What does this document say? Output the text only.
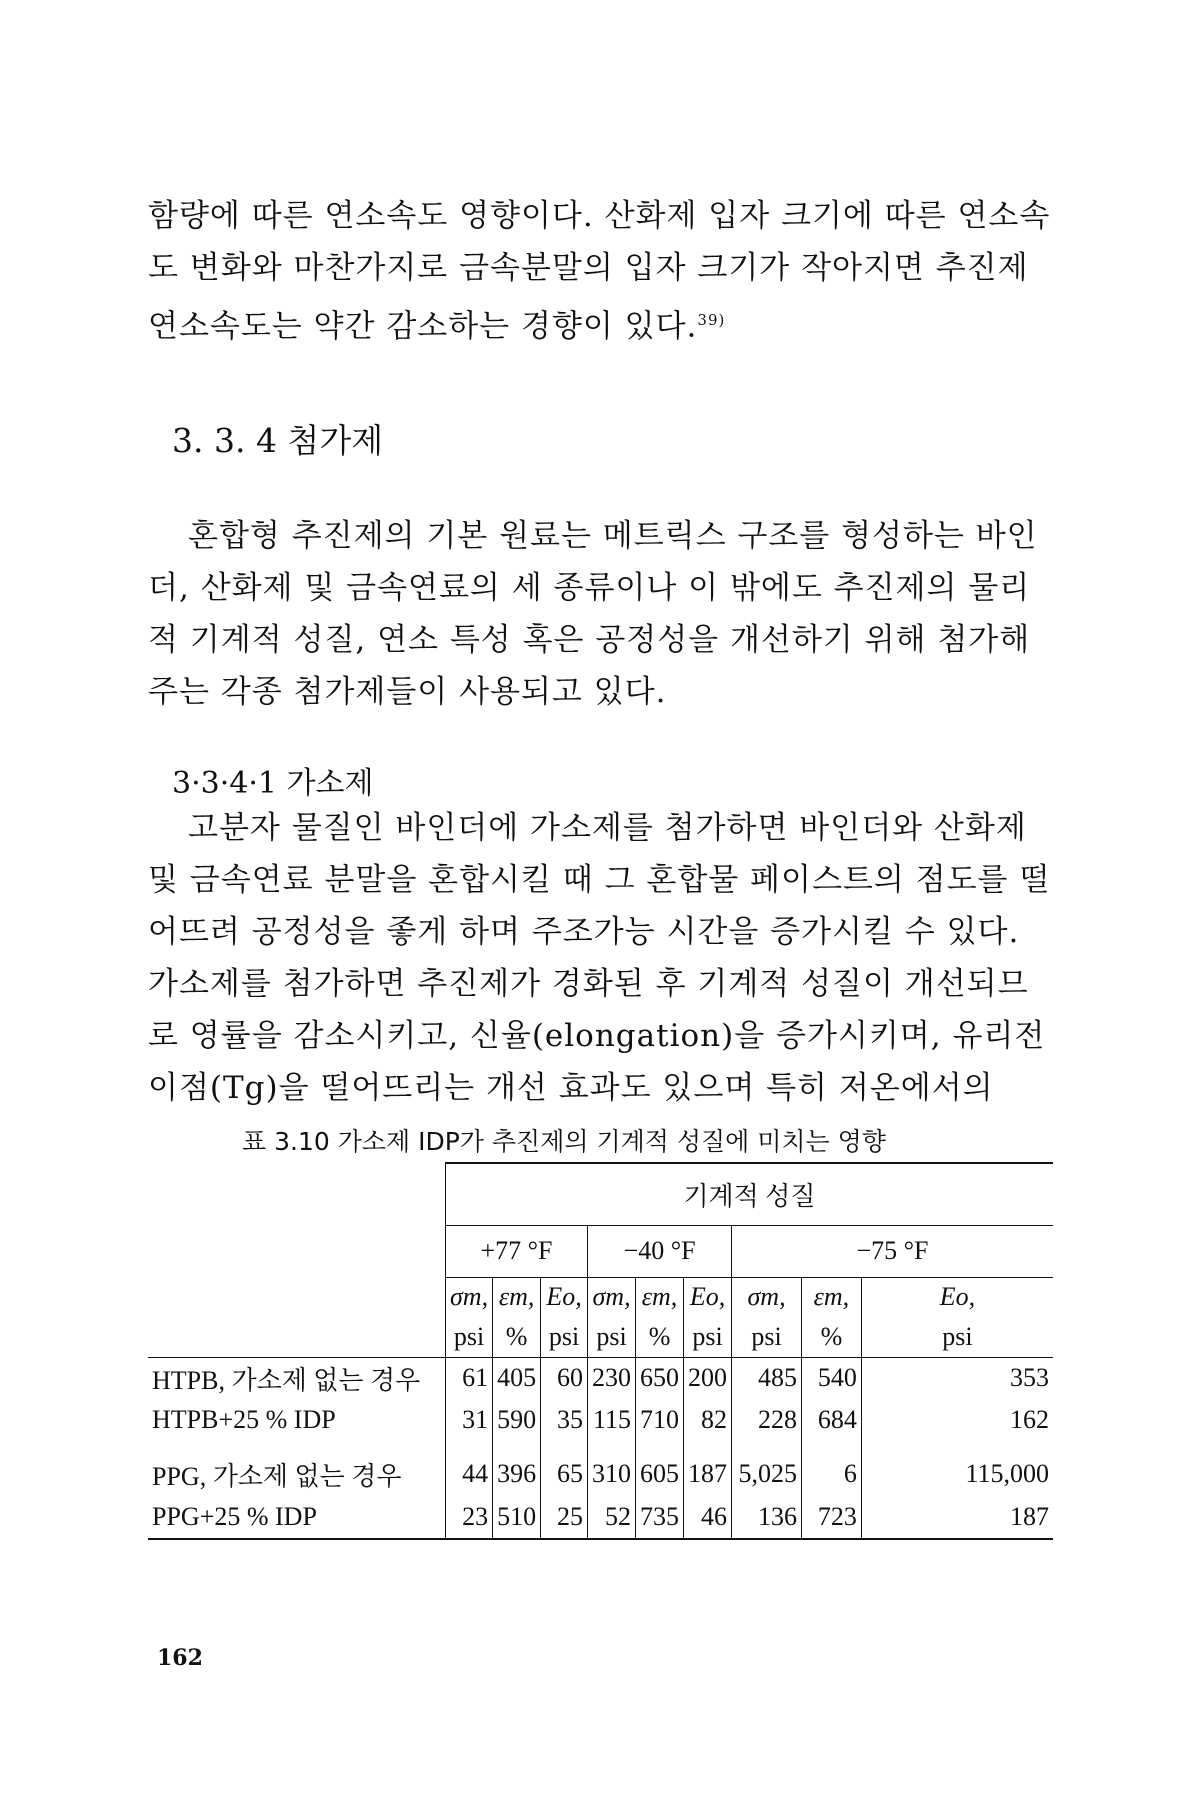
함량에 따른 연소속도 영향이다. 산화제 입자 크기에 따른 연소속도 변화와 마찬가지로 금속분말의 입자 크기가 작아지면 추진제 연소속도는 약간 감소하는 경향이 있다.$^{39)}$
3. 3. 4 첨가제
혼합형 추진제의 기본 원료는 메트릭스 구조를 형성하는 바인더, 산화제 및 금속연료의 세 종류이나 이 밖에도 추진제의 물리적 기계적 성질, 연소 특성 혹은 공정성을 개선하기 위해 첨가해주는 각종 첨가제들이 사용되고 있다.
3·3·4·1 가소제
고분자 물질인 바인더에 가소제를 첨가하면 바인더와 산화제 및 금속연료 분말을 혼합시킬 때 그 혼합물 페이스트의 점도를 떨어뜨려 공정성을 좋게 하며 주조가능 시간을 증가시킬 수 있다. 가소제를 첨가하면 추진제가 경화된 후 기계적 성질이 개선되므로 영률을 감소시키고, 신율(elongation)을 증가시키며, 유리전이점(Tg)을 떨어뜨리는 개선 효과도 있으며 특히 저온에서의
표 3.10 가소제 IDP가 추진제의 기계적 성질에 미치는 영향
	기계적 성질								
	+77 °F			−40 °F			−75 °F		
	σm,	εm,	Eo,	σm,	εm,	Eo,	σm,	εm,	Eo,
	psi	%	psi	psi	%	psi	psi	%	psi
HTPB, 가소제 없는 경우	61	405	60	230	650	200	485	540	353
HTPB+25 % IDP	31	590	35	115	710	82	228	684	162

PPG, 가소제 없는 경우	44	396	65	310	605	187	5,025	6	115,000
PPG+25 % IDP	23	510	25	52	735	46	136	723	187
162
